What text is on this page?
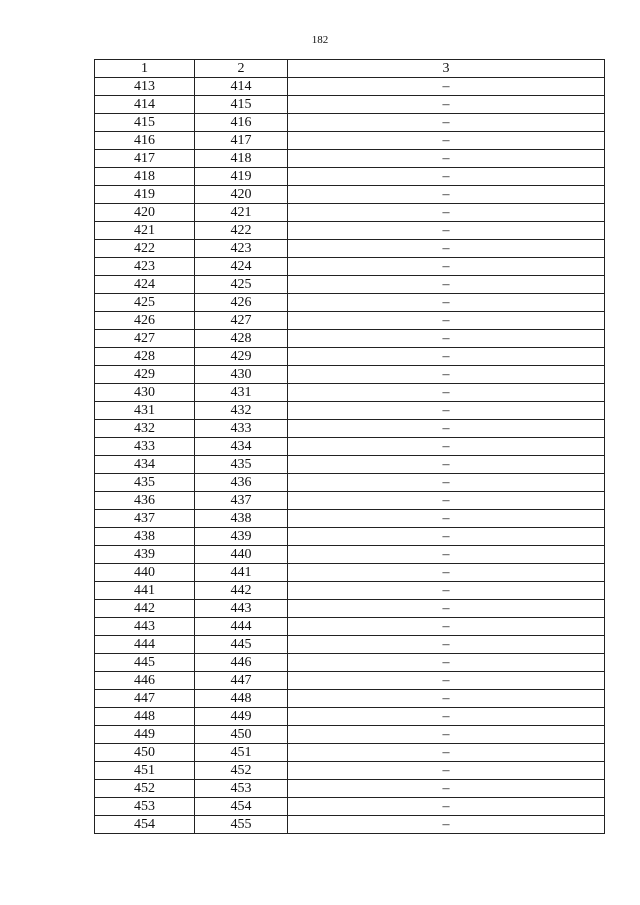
182
1	2	3
413	414	–
414	415	–
415	416	–
416	417	–
417	418	–
418	419	–
419	420	–
420	421	–
421	422	–
422	423	–
423	424	–
424	425	–
425	426	–
426	427	–
427	428	–
428	429	–
429	430	–
430	431	–
431	432	–
432	433	–
433	434	–
434	435	–
435	436	–
436	437	–
437	438	–
438	439	–
439	440	–
440	441	–
441	442	–
442	443	–
443	444	–
444	445	–
445	446	–
446	447	–
447	448	–
448	449	–
449	450	–
450	451	–
451	452	–
452	453	–
453	454	–
454	455	–
